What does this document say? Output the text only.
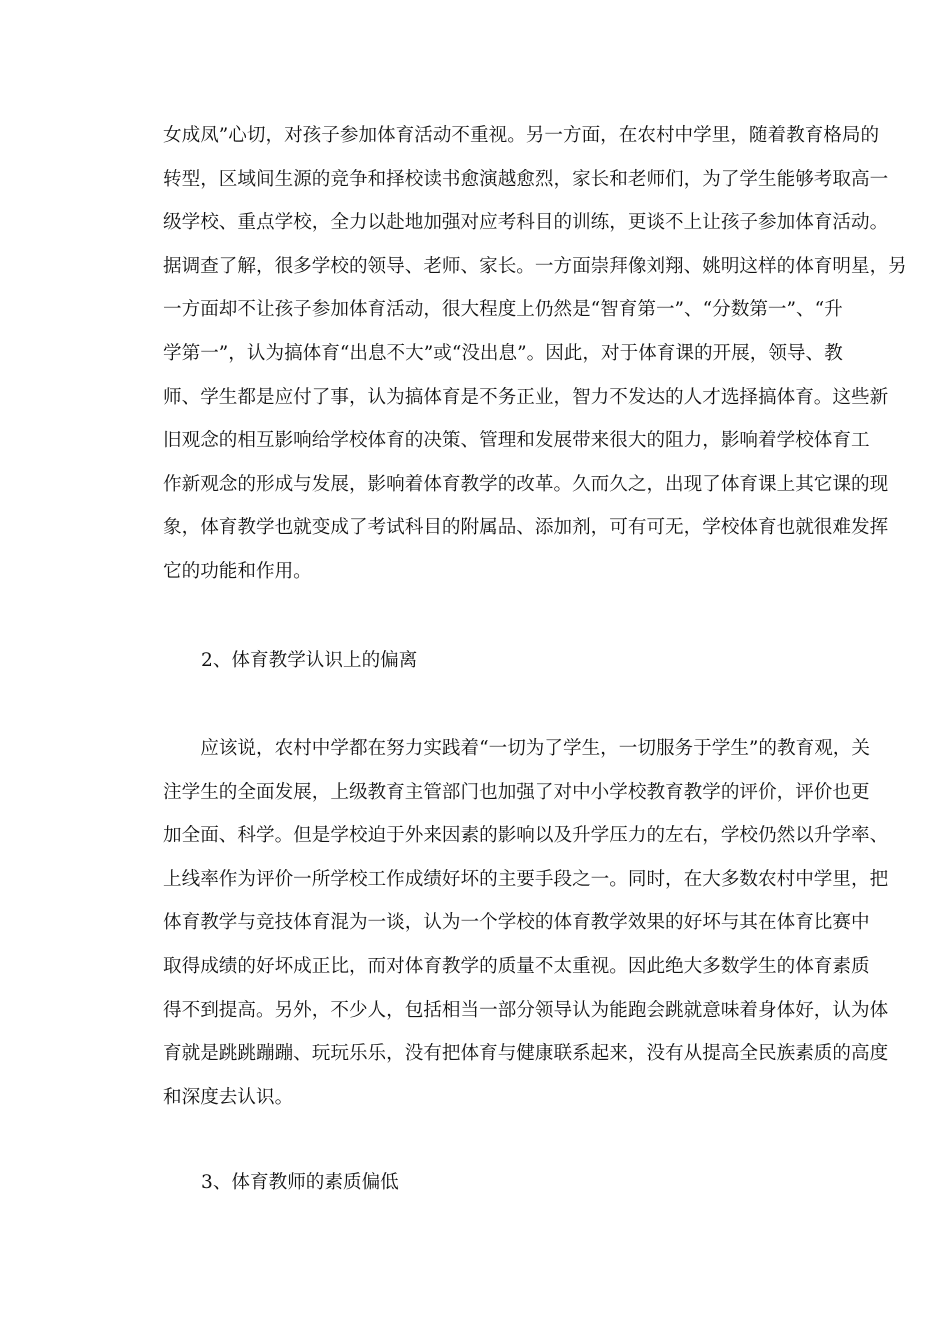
女成凤”心切，对孩子参加体育活动不重视。另一方面，在农村中学里，随着教育格局的
转型，区域间生源的竞争和择校读书愈演越愈烈，家长和老师们，为了学生能够考取高一
级学校、重点学校，全力以赴地加强对应考科目的训练，更谈不上让孩子参加体育活动。
据调查了解，很多学校的领导、老师、家长。一方面崇拜像刘翔、姚明这样的体育明星，另
一方面却不让孩子参加体育活动，很大程度上仍然是“智育第一”、“分数第一”、“升
学第一”，认为搞体育“出息不大”或“没出息”。因此，对于体育课的开展，领导、教
师、学生都是应付了事，认为搞体育是不务正业，智力不发达的人才选择搞体育。这些新
旧观念的相互影响给学校体育的决策、管理和发展带来很大的阻力，影响着学校体育工
作新观念的形成与发展，影响着体育教学的改革。久而久之，出现了体育课上其它课的现
象，体育教学也就变成了考试科目的附属品、添加剂，可有可无，学校体育也就很难发挥
它的功能和作用。
2、体育教学认识上的偏离
　　应该说，农村中学都在努力实践着“一切为了学生，一切服务于学生”的教育观，关
注学生的全面发展，上级教育主管部门也加强了对中小学校教育教学的评价，评价也更
加全面、科学。但是学校迫于外来因素的影响以及升学压力的左右，学校仍然以升学率、
上线率作为评价一所学校工作成绩好坏的主要手段之一。同时，在大多数农村中学里，把
体育教学与竞技体育混为一谈，认为一个学校的体育教学效果的好坏与其在体育比赛中
取得成绩的好坏成正比，而对体育教学的质量不太重视。因此绝大多数学生的体育素质
得不到提高。另外，不少人，包括相当一部分领导认为能跑会跳就意味着身体好，认为体
育就是跳跳蹦蹦、玩玩乐乐，没有把体育与健康联系起来，没有从提高全民族素质的高度
和深度去认识。
3、体育教师的素质偏低
